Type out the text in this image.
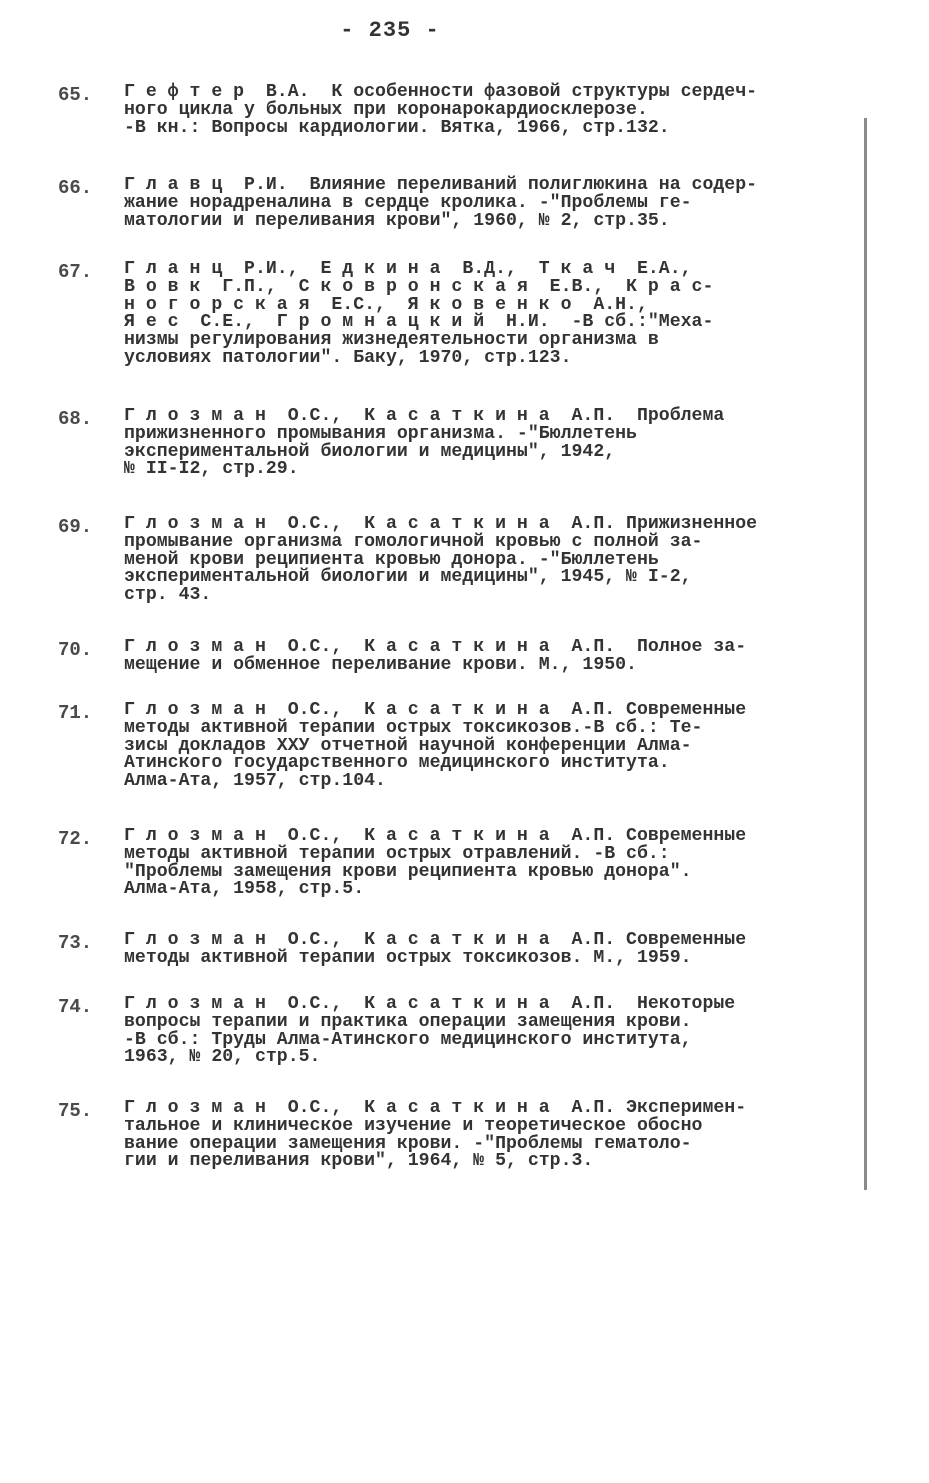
- 235 -
65.	Г е ф т е р  В.А.  К особенности фазовой структуры сердеч-
ного цикла у больных при коронарокардиосклерозе.
-В кн.: Вопросы кардиологии. Вятка, 1966, стр.132.
66.	Г л а в ц  Р.И.  Влияние переливаний полиглюкина на содер-
жание норадреналина в сердце кролика. -"Проблемы ге-
матологии и переливания крови", 1960, № 2, стр.35.
67.	Г л а н ц  Р.И.,  Е д к и н а  В.Д.,  Т к а ч  Е.А.,
В о в к  Г.П.,  С к о в р о н с к а я  Е.В.,  К р а с-
н о г о р с к а я  Е.С.,  Я к о в е н к о  А.Н.,
Я е с  С.Е.,  Г р о м н а ц к и й  Н.И.  -В сб.:"Меха-
низмы регулирования жизнедеятельности организма в
условиях патологии". Баку, 1970, стр.123.
68.	Г л о з м а н  О.С.,  К а с а т к и н а  А.П.  Проблема
прижизненного промывания организма. -"Бюллетень
экспериментальной биологии и медицины", 1942,
№ II-I2, стр.29.
69.	Г л о з м а н  О.С.,  К а с а т к и н а  А.П. Прижизненное
промывание организма гомологичной кровью с полной за-
меной крови реципиента кровью донора. -"Бюллетень
экспериментальной биологии и медицины", 1945, № I-2,
стр. 43.
70.	Г л о з м а н  О.С.,  К а с а т к и н а  А.П.  Полное за-
мещение и обменное переливание крови. М., 1950.
71.	Г л о з м а н  О.С.,  К а с а т к и н а  А.П. Современные
методы активной терапии острых токсикозов.-В сб.: Те-
зисы докладов XXУ отчетной научной конференции Алма-
Атинского государственного медицинского института.
Алма-Ата, 1957, стр.104.
72.	Г л о з м а н  О.С.,  К а с а т к и н а  А.П. Современные
методы активной терапии острых отравлений. -В сб.:
"Проблемы замещения крови реципиента кровью донора".
Алма-Ата, 1958, стр.5.
73.	Г л о з м а н  О.С.,  К а с а т к и н а  А.П. Современные
методы активной терапии острых токсикозов. М., 1959.
74.	Г л о з м а н  О.С.,  К а с а т к и н а  А.П.  Некоторые
вопросы терапии и практика операции замещения крови.
-В сб.: Труды Алма-Атинского медицинского института,
1963, № 20, стр.5.
75.	Г л о з м а н  О.С.,  К а с а т к и н а  А.П. Эксперимен-
тальное и клиническое изучение и теоретическое обосно
вание операции замещения крови. -"Проблемы гематоло-
гии и переливания крови", 1964, № 5, стр.3.
